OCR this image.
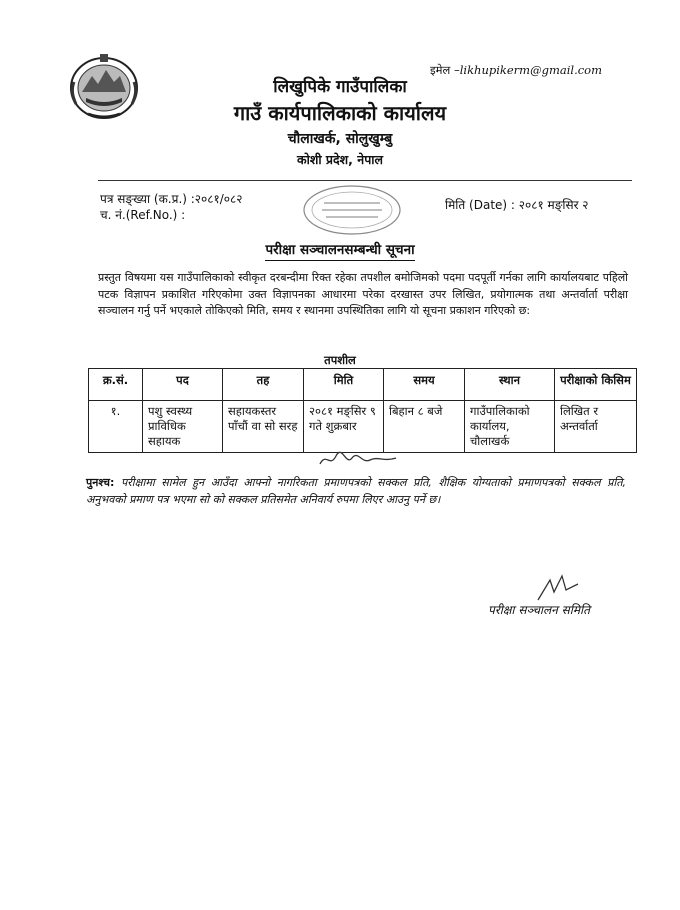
इमेल –likhupikerm@gmail.com
लिखुपिके गाउँपालिका
गाउँ कार्यपालिकाको कार्यालय
चौलाखर्क, सोलुखुम्बु
कोशी प्रदेश, नेपाल
पत्र सङ्ख्या (क.प्र.) :२०८१/०८२
च. नं.(Ref.No.) :
मिति (Date) : २०८१ मङ्सिर २
परीक्षा सञ्चालनसम्बन्धी सूचना
प्रस्तुत विषयमा यस गाउँपालिकाको स्वीकृत दरबन्दीमा रिक्त रहेका तपशील बमोजिमको पदमा पदपूर्ती गर्नका लागि कार्यालयबाट पहिलो पटक विज्ञापन प्रकाशित गरिएकोमा उक्त विज्ञापनका आधारमा परेका दरखास्त उपर लिखित, प्रयोगात्मक तथा अन्तर्वार्ता परीक्षा सञ्चालन गर्नु पर्ने भएकाले तोकिएको मिति, समय र स्थानमा उपस्थितिका लागि यो सूचना प्रकाशन गरिएको छ:
तपशील
क्र.सं.	पद	तह	मिति	समय	स्थान	परीक्षाको किसिम
१.	पशु स्वस्थ्य प्राविधिक सहायक	सहायकस्तर पाँचौं वा सो सरह	२०८१ मङ्सिर ९ गते शुक्रबार	बिहान ८ बजे	गाउँपालिकाको कार्यालय, चौलाखर्क	लिखित र अन्तर्वार्ता
पुनश्च: परीक्षामा सामेल हुन आउँदा आफ्नो नागरिकता प्रमाणपत्रको सक्कल प्रति, शैक्षिक योग्यताको प्रमाणपत्रको सक्कल प्रति, अनुभवको प्रमाण पत्र भएमा सो को सक्कल प्रतिसमेत अनिवार्य रुपमा लिएर आउनु पर्ने छ।
परीक्षा सञ्चालन समिति
